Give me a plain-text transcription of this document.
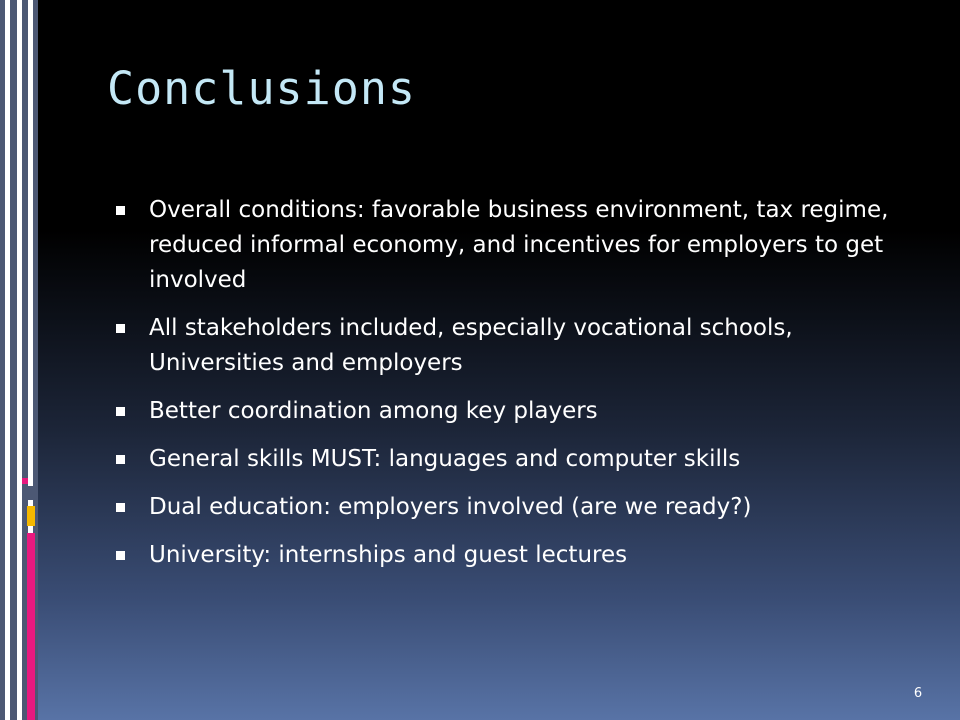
Conclusions
Overall conditions: favorable business environment, tax regime, reduced informal economy, and incentives for employers to get involved
All stakeholders included, especially vocational schools, Universities and employers
Better coordination among key players
General skills MUST: languages and computer skills
Dual education: employers involved (are we ready?)
University: internships and guest lectures
6
